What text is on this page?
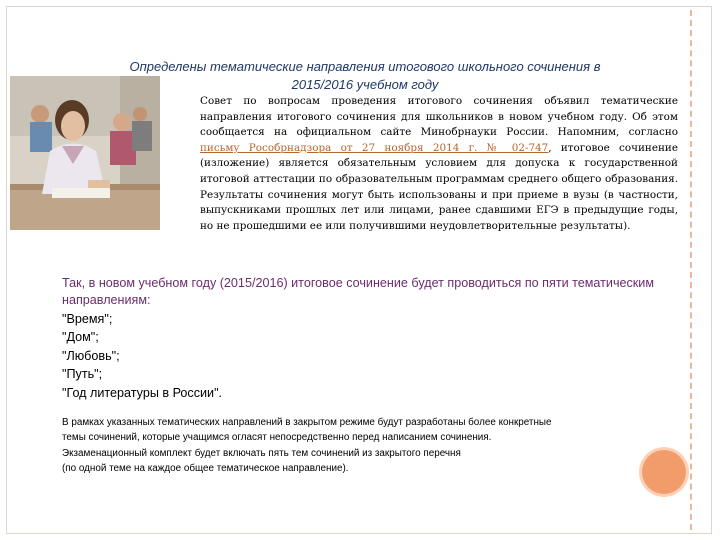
Определены тематические направления итогового школьного сочинения в
2015/2016 учебном году
Совет по вопросам проведения итогового сочинения объявил тематические направления итогового сочинения для школьников в новом учебном году. Об этом сообщается на официальном сайте Минобрнауки России. Напомним, согласно письму Рособрнадзора от 27 ноября 2014 г. № 02-747, итоговое сочинение (изложение) является обязательным условием для допуска к государственной итоговой аттестации по образовательным программам среднего общего образования. Результаты сочинения могут быть использованы и при приеме в вузы (в частности, выпускниками прошлых лет или лицами, ранее сдавшими ЕГЭ в предыдущие годы, но не прошедшими ее или получившими неудовлетворительные результаты).
Так, в новом учебном году (2015/2016) итоговое сочинение будет проводиться по пяти тематическим направлениям:
"Время";
"Дом";
"Любовь";
"Путь";
"Год литературы в России".

В рамках указанных тематических направлений в закрытом режиме будут разработаны более конкретные

темы сочинений, которые учащимся огласят непосредственно перед написанием сочинения.

Экзаменационный комплект будет включать пять тем сочинений из закрытого перечня

(по одной теме на каждое общее тематическое направление).
